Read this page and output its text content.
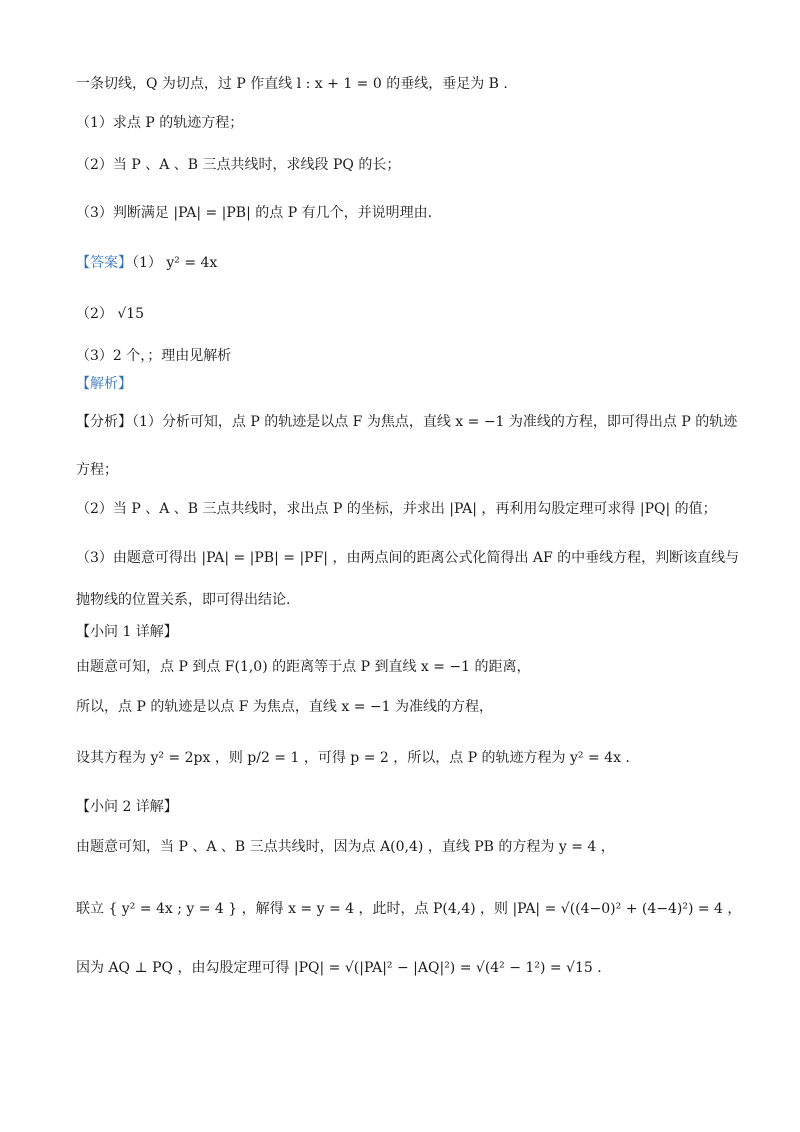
一条切线，Q 为切点，过 P 作直线 l : x + 1 = 0 的垂线，垂足为 B .
（1）求点 P 的轨迹方程；
（2）当 P 、A 、B 三点共线时，求线段 PQ 的长；
（3）判断满足 |PA| = |PB| 的点 P 有几个，并说明理由.
【答案】（1） y² = 4x
（2） √15
（3）2 个，；理由见解析
【解析】
【分析】（1）分析可知，点 P 的轨迹是以点 F 为焦点，直线 x = −1 为准线的方程，即可得出点 P 的轨迹
方程；
（2）当 P 、A 、B 三点共线时，求出点 P 的坐标，并求出 |PA| ，再利用勾股定理可求得 |PQ| 的值；
（3）由题意可得出 |PA| = |PB| = |PF| ，由两点间的距离公式化简得出 AF 的中垂线方程，判断该直线与
抛物线的位置关系，即可得出结论.
【小问 1 详解】
由题意可知，点 P 到点 F(1,0) 的距离等于点 P 到直线 x = −1 的距离，
所以，点 P 的轨迹是以点 F 为焦点，直线 x = −1 为准线的方程，
设其方程为 y² = 2px ，则 p/2 = 1 ，可得 p = 2 ，所以，点 P 的轨迹方程为 y² = 4x .
【小问 2 详解】
由题意可知，当 P 、A 、B 三点共线时，因为点 A(0,4) ，直线 PB 的方程为 y = 4 ，
联立 { y² = 4x ; y = 4 } ，解得 x = y = 4 ，此时，点 P(4,4) ，则 |PA| = √((4−0)² + (4−4)²) = 4 ，
因为 AQ ⊥ PQ ，由勾股定理可得 |PQ| = √(|PA|² − |AQ|²) = √(4² − 1²) = √15 .
